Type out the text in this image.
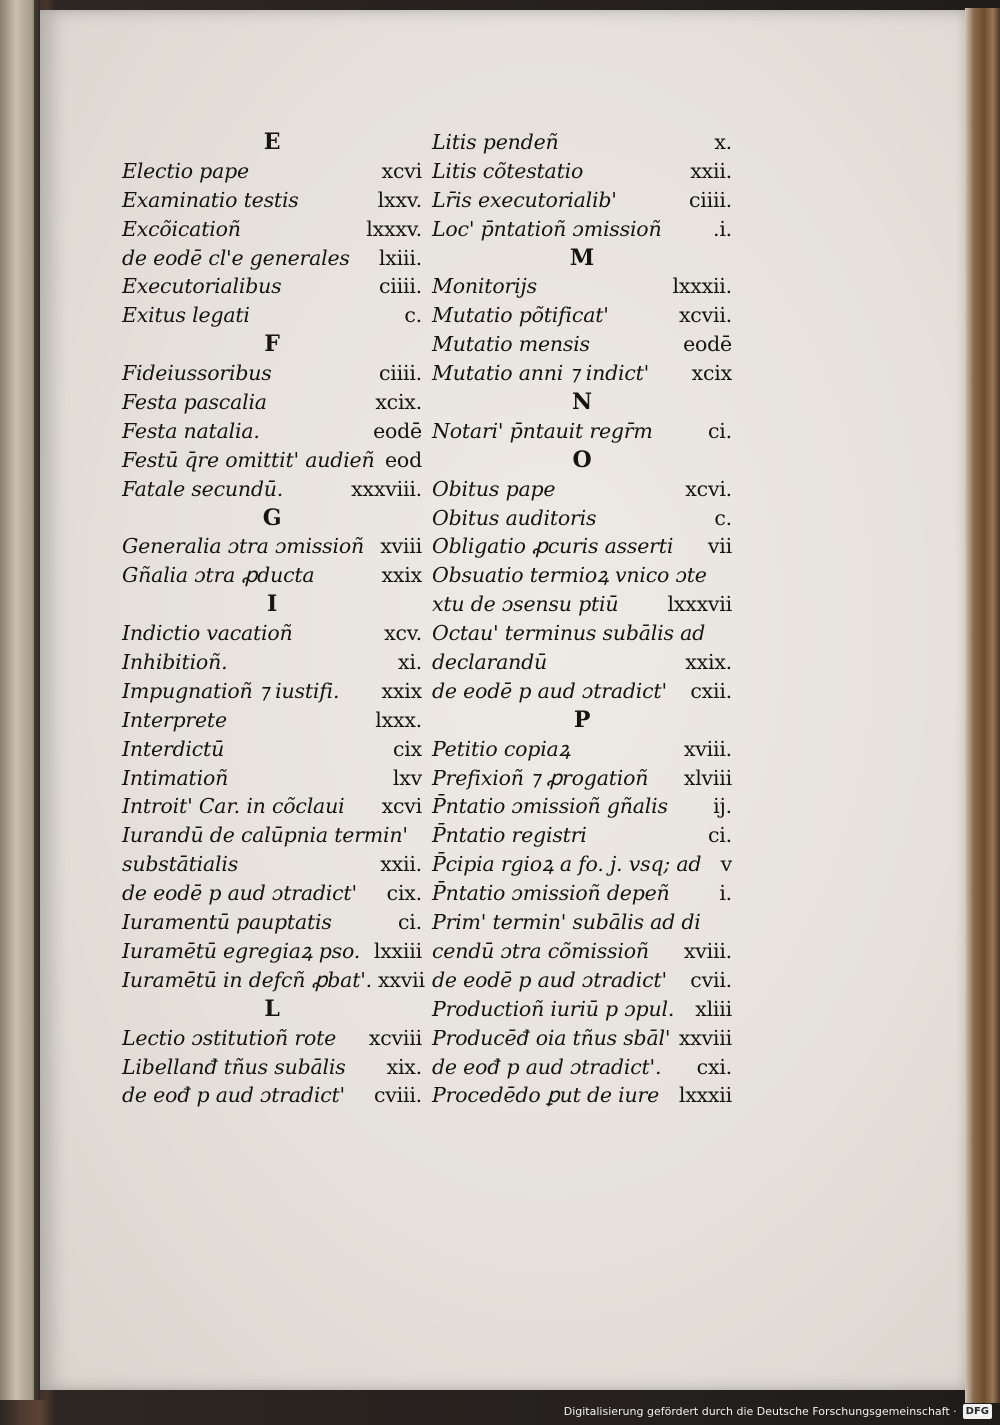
E
Electio pape	xcvi
Examinatio testis	lxxv.
Excõicatioñ	lxxxv.
de eodē cl'e generales lxiii.
Executorialibus	ciiii.
Exitus legati	c.
F
Fideiussoribus	ciiii.
Festa pascalia	xcix.
Festa natalia.	eodē
Festū q̄re omittit' audieñ eod
Fatale secundū.	xxxviii.
G
Generalia ɔtra ɔmissioñ xviii
Gñalia ɔtra ꝓducta	xxix
I
Indictio vacatioñ	xcv.
Inhibitioñ.	xi.
Impugnatioñ ⁊ iustifi. xxix
Interprete	lxxx.
Interdictū	cix
Intimatioñ	lxv
Introit' Car. in cõclaui xcvi
Iurandū de calūpnia termin'
substātialis	xxii.
de eodē p aud ɔtradict' cix.
Iuramentū pauptatis	ci.
Iuramētū egregiaꝝ pso. lxxiii
Iuramētū in defcñ ꝓbat'. xxvii
L
Lectio ɔstitutioñ rote xcviii
Libellanđ tñus subālis xix.
de eođ p aud ɔtradict' cviii.
Litis pendeñ	x.
Litis cõtestatio	xxii.
Lr̄is executorialib'	ciiii.
Loc' p̄ntatioñ ɔmissioñ	.i.
M
Monitorijs	lxxxii.
Mutatio põtificat'	xcvii.
Mutatio mensis	eodē
Mutatio anni ⁊ indict' xcix
N
Notari' p̄ntauit regr̄m	ci.
O
Obitus pape	xcvi.
Obitus auditoris	c.
Obligatio ꝓcuris asserti vii
Obsuatio termioꝝ vnico ɔte
xtu de ɔsensu ptiū lxxxvii
Octau' terminus subālis ad
declarandū	xxix.
de eodē p aud ɔtradict' cxii.
P
Petitio copiaꝝ	xviii.
Prefixioñ ⁊ ꝓrogatioñ xlviii
P̄ntatio ɔmissioñ gñalis ij.
P̄ntatio registri	ci.
P̄cipia rgioꝝ a fo. j. vsq; ad v
P̄ntatio ɔmissioñ depeñ i.
Prim' termin' subālis ad di
cendū ɔtra cõmissioñ xviii.
de eodē p aud ɔtradict' cvii.
Productioñ iuriū p ɔpul. xliii
Producēđ oia tñus sbāl' xxviii
de eođ p aud ɔtradict'. cxi.
Procedēdo ꝑut de iure lxxxii
Digitalisierung gefördert durch die Deutsche Forschungsgemeinschaft · DFG
